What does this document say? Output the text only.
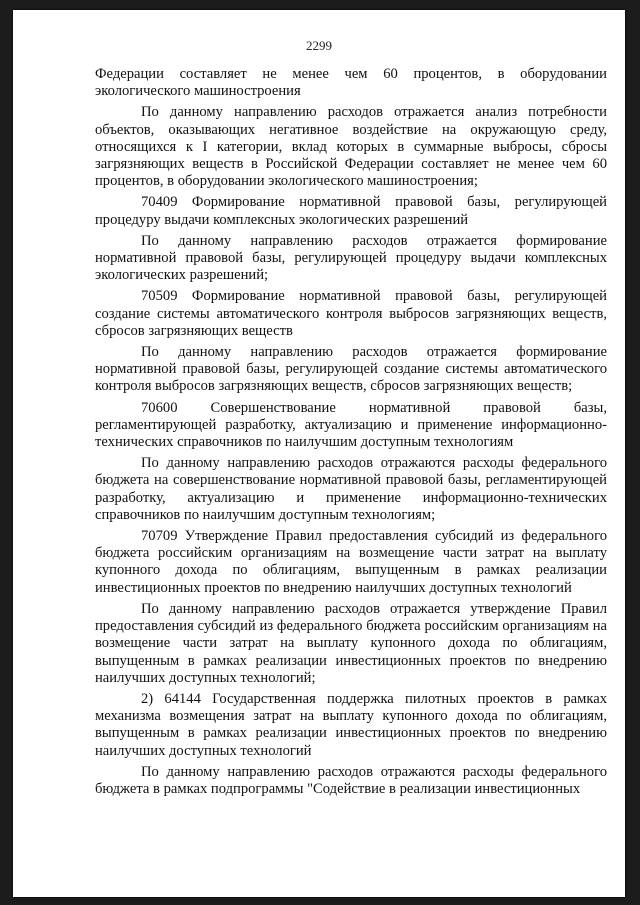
2299

Федерации составляет не менее чем 60 процентов, в оборудовании экологического машиностроения

По данному направлению расходов отражается анализ потребности объектов, оказывающих негативное воздействие на окружающую среду, относящихся к I категории, вклад которых в суммарные выбросы, сбросы загрязняющих веществ в Российской Федерации составляет не менее чем 60 процентов, в оборудовании экологического машиностроения;

70409 Формирование нормативной правовой базы, регулирующей процедуру выдачи комплексных экологических разрешений

По данному направлению расходов отражается формирование нормативной правовой базы, регулирующей процедуру выдачи комплексных экологических разрешений;

70509 Формирование нормативной правовой базы, регулирующей создание системы автоматического контроля выбросов загрязняющих веществ, сбросов загрязняющих веществ

По данному направлению расходов отражается формирование нормативной правовой базы, регулирующей создание системы автоматического контроля выбросов загрязняющих веществ, сбросов загрязняющих веществ;

70600 Совершенствование нормативной правовой базы, регламентирующей разработку, актуализацию и применение информационно-технических справочников по наилучшим доступным технологиям

По данному направлению расходов отражаются расходы федерального бюджета на совершенствование нормативной правовой базы, регламентирующей разработку, актуализацию и применение информационно-технических справочников по наилучшим доступным технологиям;

70709 Утверждение Правил предоставления субсидий из федерального бюджета российским организациям на возмещение части затрат на выплату купонного дохода по облигациям, выпущенным в рамках реализации инвестиционных проектов по внедрению наилучших доступных технологий

По данному направлению расходов отражается утверждение Правил предоставления субсидий из федерального бюджета российским организациям на возмещение части затрат на выплату купонного дохода по облигациям, выпущенным в рамках реализации инвестиционных проектов по внедрению наилучших доступных технологий;

2) 64144 Государственная поддержка пилотных проектов в рамках механизма возмещения затрат на выплату купонного дохода по облигациям, выпущенным в рамках реализации инвестиционных проектов по внедрению наилучших доступных технологий

По данному направлению расходов отражаются расходы федерального бюджета в рамках подпрограммы "Содействие в реализации инвестиционных
